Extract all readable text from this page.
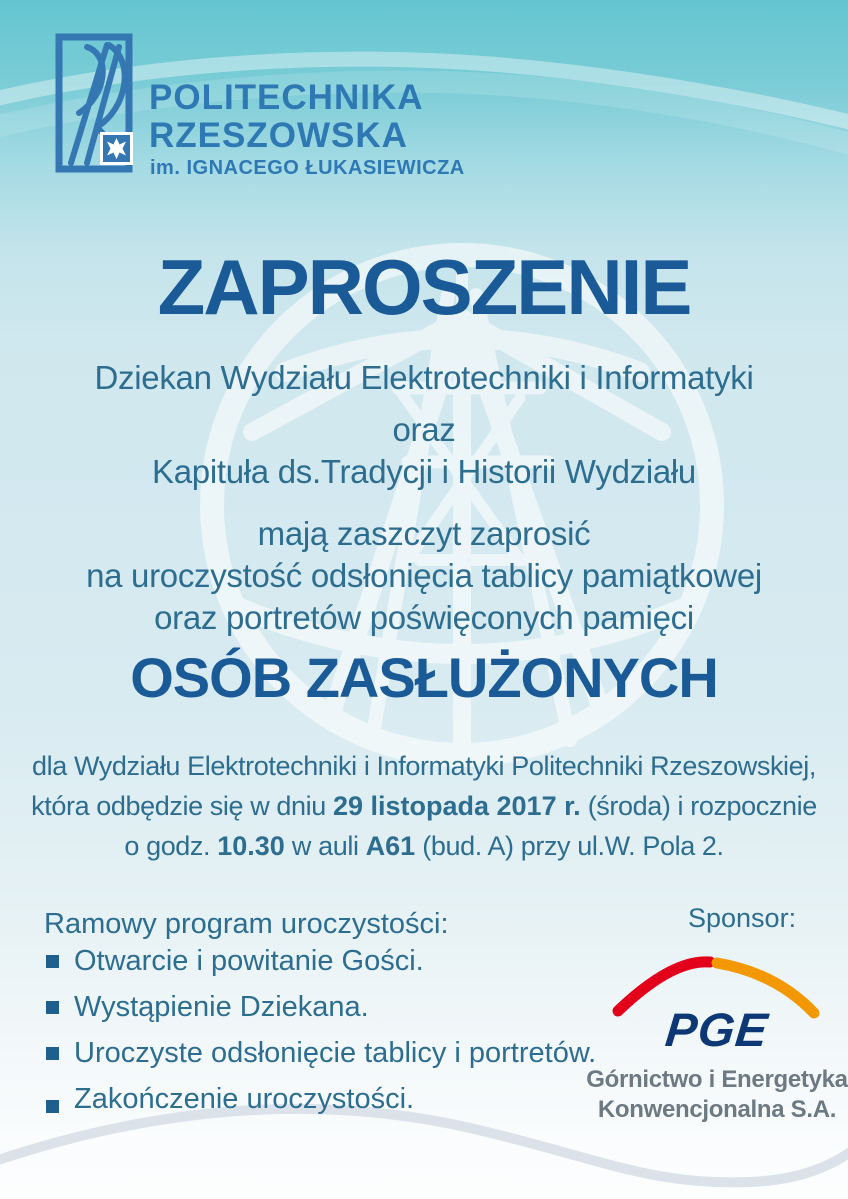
POLITECHNIKA
RZESZOWSKA
im. IGNACEGO ŁUKASIEWICZA
ZAPROSZENIE
Dziekan Wydziału Elektrotechniki i Informatyki
oraz
Kapituła ds.Tradycji i Historii Wydziału
mają zaszczyt zaprosić
na uroczystość odsłonięcia tablicy pamiątkowej
oraz portretów poświęconych pamięci
OSÓB ZASŁUŻONYCH
dla Wydziału Elektrotechniki i Informatyki Politechniki Rzeszowskiej,
która odbędzie się w dniu 29 listopada 2017 r. (środa) i rozpocznie
o godz. 10.30 w auli A61 (bud. A) przy ul.W. Pola 2.
Ramowy program uroczystości:
Otwarcie i powitanie Gości.
Wystąpienie Dziekana.
Uroczyste odsłonięcie tablicy i portretów.
Zakończenie uroczystości.
Sponsor:
PGE
Górnictwo i Energetyka
Konwencjonalna S.A.
